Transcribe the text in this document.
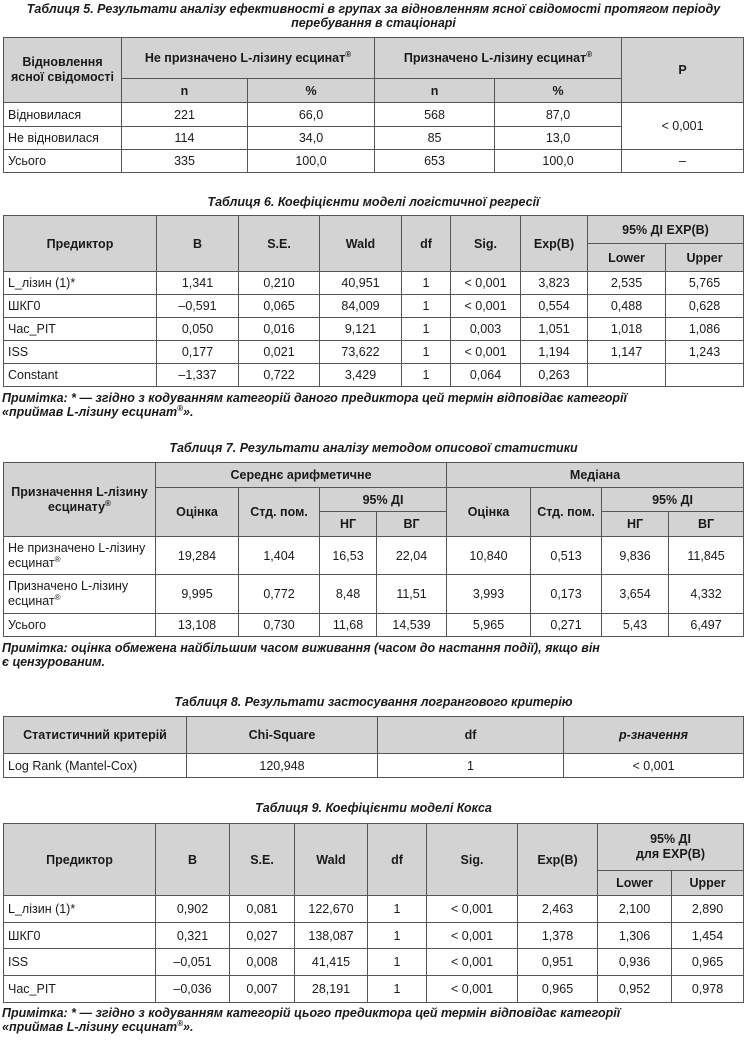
Таблиця 5. Результати аналізу ефективності в групах за відновленням ясної свідомості протягом періоду перебування в стаціонарі
Відновлення ясної свідомості	Не призначено L-лізину есцинат®		Призначено L-лізину есцинат®		P
	n	%	n	%	
Відновилася	221	66,0	568	87,0	< 0,001
Не відновилася	114	34,0	85	13,0	
Усього	335	100,0	653	100,0	–
Таблиця 6. Коефіцієнти моделі логістичної регресії
Предиктор	B	S.E.	Wald	df	Sig.	Exp(B)	95% ДІ EXP(B)	
							Lower	Upper
L_лізин (1)*	1,341	0,210	40,951	1	< 0,001	3,823	2,535	5,765
ШКГ0	–0,591	0,065	84,009	1	< 0,001	0,554	0,488	0,628
Час_PIT	0,050	0,016	9,121	1	0,003	1,051	1,018	1,086
ISS	0,177	0,021	73,622	1	< 0,001	1,194	1,147	1,243
Constant	–1,337	0,722	3,429	1	0,064	0,263		
Примітка: * — згідно з кодуванням категорій даного предиктора цей термін відповідає категорії
«приймав L-лізину есцинат®».
Таблиця 7. Результати аналізу методом описової статистики
Призначення L-лізину есцинату®	Середнє арифметичне				Медіана			
	Оцінка	Стд. пом.	95% ДІ		Оцінка	Стд. пом.	95% ДІ	
			НГ	ВГ			НГ	ВГ
Не призначено L-лізину есцинат®	19,284	1,404	16,53	22,04	10,840	0,513	9,836	11,845
Призначено L-лізину есцинат®	9,995	0,772	8,48	11,51	3,993	0,173	3,654	4,332
Усього	13,108	0,730	11,68	14,539	5,965	0,271	5,43	6,497
Примітка: оцінка обмежена найбільшим часом виживання (часом до настання події), якщо він
є цензурованим.
Таблиця 8. Результати застосування логрангового критерію
Статистичний критерій	Chi-Square	df	p-значення
Log Rank (Mantel-Cox)	120,948	1	< 0,001
Таблиця 9. Коефіцієнти моделі Кокса
Предиктор	B	S.E.	Wald	df	Sig.	Exp(B)	95% ДІ
для EXP(B)	

							Lower	Upper
L_лізин (1)*	0,902	0,081	122,670	1	< 0,001	2,463	2,100	2,890
ШКГ0	0,321	0,027	138,087	1	< 0,001	1,378	1,306	1,454
ISS	–0,051	0,008	41,415	1	< 0,001	0,951	0,936	0,965
Час_PIT	–0,036	0,007	28,191	1	< 0,001	0,965	0,952	0,978
Примітка: * — згідно з кодуванням категорій цього предиктора цей термін відповідає категорії
«приймав L-лізину есцинат®».
